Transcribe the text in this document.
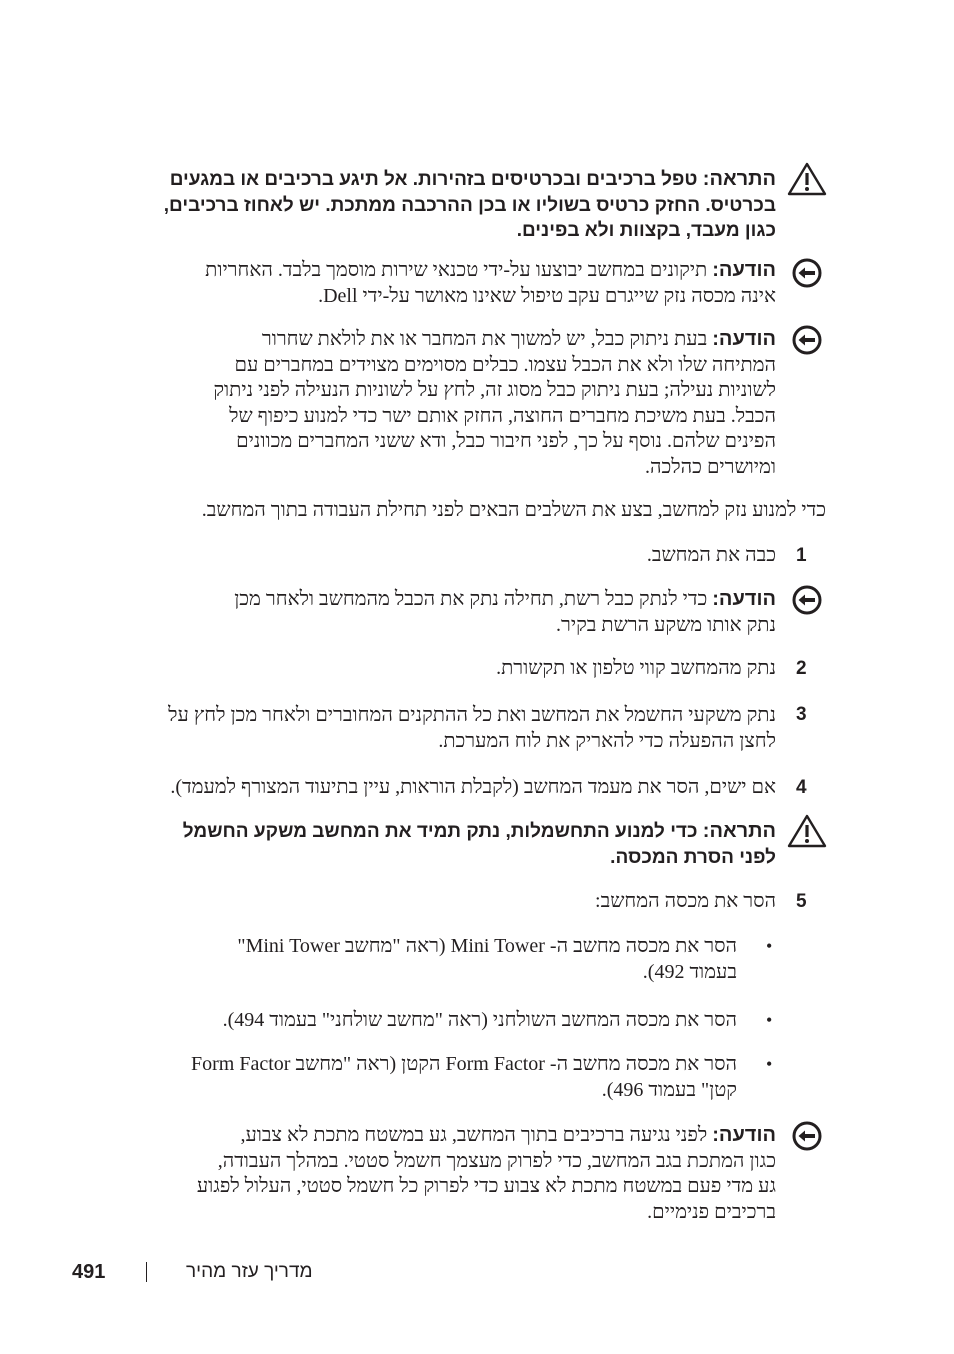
התראה: טפל ברכיבים ובכרטיסים בזהירות. אל תיגע ברכיבים או במגעים
בכרטיס. החזק כרטיס בשוליו או בכן ההרכבה ממתכת. יש לאחוז ברכיבים,
כגון מעבד, בקצוות ולא בפינים.
הודעה: תיקונים במחשב יבוצעו על-ידי טכנאי שירות מוסמך בלבד. האחריות
אינה מכסה נזק שייגרם עקב טיפול שאינו מאושר על-ידי Dell.
הודעה: בעת ניתוק כבל, יש למשוך את המחבר או את לולאת שחרור
המתיחה שלו ולא את הכבל עצמו. כבלים מסוימים מצוידים במחברים עם
לשוניות נעילה; בעת ניתוק כבל מסוג זה, לחץ על לשוניות הנעילה לפני ניתוק
הכבל. בעת משיכת מחברים החוצה, החזק אותם ישר כדי למנוע כיפוף של
הפינים שלהם. נוסף על כך, לפני חיבור כבל, ודא ששני המחברים מכוונים
ומיושרים כהלכה.
כדי למנוע נזק למחשב, בצע את השלבים הבאים לפני תחילת העבודה בתוך המחשב.
1
כבה את המחשב.
הודעה: כדי לנתק כבל רשת, תחילה נתק את הכבל מהמחשב ולאחר מכן
נתק אותו משקע הרשת בקיר.
2
נתק מהמחשב קווי טלפון או תקשורת.
3
נתק משקעי החשמל את המחשב ואת כל ההתקנים המחוברים ולאחר מכן לחץ על
לחצן ההפעלה כדי להאריק את לוח המערכת.
4
אם ישים, הסר את מעמד המחשב (לקבלת הוראות, עיין בתיעוד המצורף למעמד).
התראה: כדי למנוע התחשמלות, נתק תמיד את המחשב משקע החשמל
לפני הסרת המכסה.
5
הסר את מכסה המחשב:
•
הסר את מכסה מחשב ה- Mini Tower (ראה "מחשב Mini Tower"
בעמוד 492).
•
הסר את מכסה המחשב השולחני (ראה "מחשב שולחני" בעמוד 494).
•
הסר את מכסה מחשב ה- Form Factor הקטן (ראה "מחשב Form Factor
קטן" בעמוד 496).
הודעה: לפני נגיעה ברכיבים בתוך המחשב, גע במשטח מתכת לא צבוע,
כגון המתכת בגב המחשב, כדי לפרוק מעצמך חשמל סטטי. במהלך העבודה,
גע מדי פעם במשטח מתכת לא צבוע כדי לפרוק כל חשמל סטטי, העלול לפגוע
ברכיבים פנימיים.
491	מדריך עזר מהיר
